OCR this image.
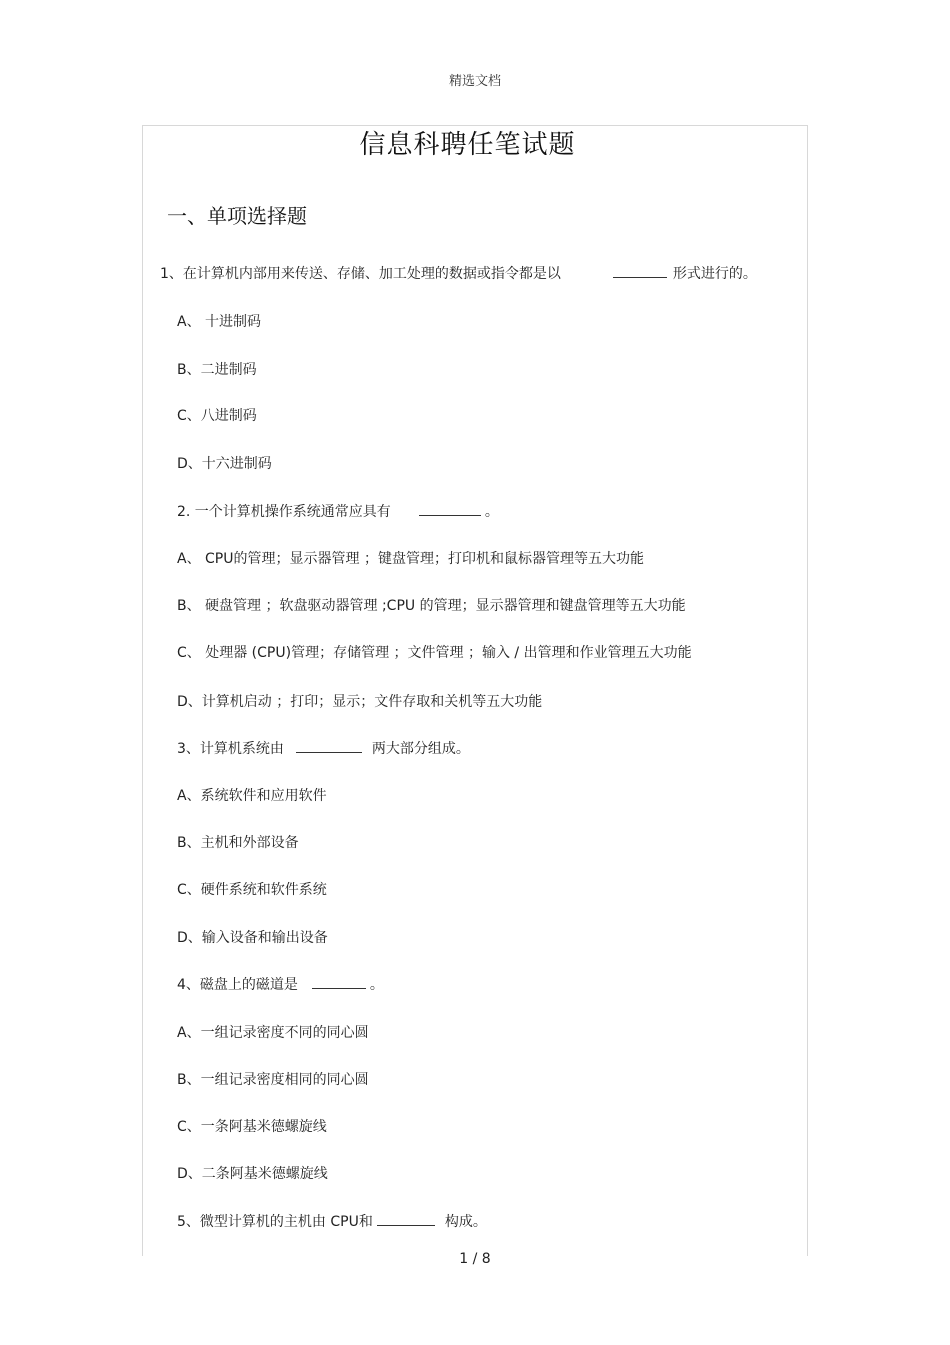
精选文档
信息科聘任笔试题
一、单项选择题
1、在计算机内部用来传送、存储、加工处理的数据或指令都是以	形式进行的。
A、 十进制码
B、二进制码
C、八进制码
D、十六进制码
2. 一个计算机操作系统通常应具有	。
A、 CPU的管理；显示器管理 ；键盘管理；打印机和鼠标器管理等五大功能
B、 硬盘管理 ；软盘驱动器管理 ;CPU 的管理；显示器管理和键盘管理等五大功能
C、 处理器 (CPU)管理；存储管理 ；文件管理 ；输入 / 出管理和作业管理五大功能
D、计算机启动 ；打印；显示；文件存取和关机等五大功能
3、计算机系统由	两大部分组成。
A、系统软件和应用软件
B、主机和外部设备
C、硬件系统和软件系统
D、输入设备和输出设备
4、磁盘上的磁道是	。
A、一组记录密度不同的同心圆
B、一组记录密度相同的同心圆
C、一条阿基米德螺旋线
D、二条阿基米德螺旋线
5、微型计算机的主机由 CPU和	构成。
1 / 8
